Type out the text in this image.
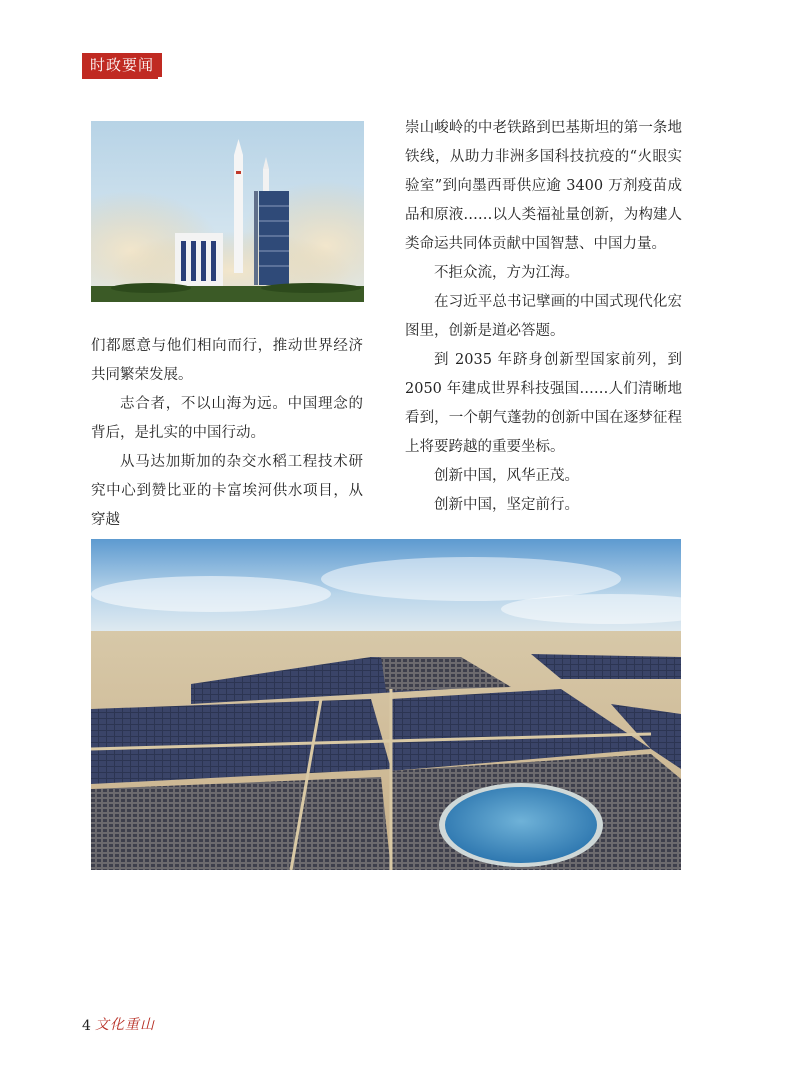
时政要闻

们都愿意与他们相向而行，推动世界经济共同繁荣发展。

志合者，不以山海为远。中国理念的背后，是扎实的中国行动。

从马达加斯加的杂交水稻工程技术研究中心到赞比亚的卡富埃河供水项目，从穿越

崇山峻岭的中老铁路到巴基斯坦的第一条地铁线，从助力非洲多国科技抗疫的“火眼实验室”到向墨西哥供应逾 3400 万剂疫苗成品和原液……以人类福祉量创新，为构建人类命运共同体贡献中国智慧、中国力量。

不拒众流，方为江海。

在习近平总书记擘画的中国式现代化宏图里，创新是道必答题。

到 2035 年跻身创新型国家前列，到 2050 年建成世界科技强国……人们清晰地看到，一个朝气蓬勃的创新中国在逐梦征程上将要跨越的重要坐标。

创新中国，风华正茂。

创新中国，坚定前行。

4 文化重山
